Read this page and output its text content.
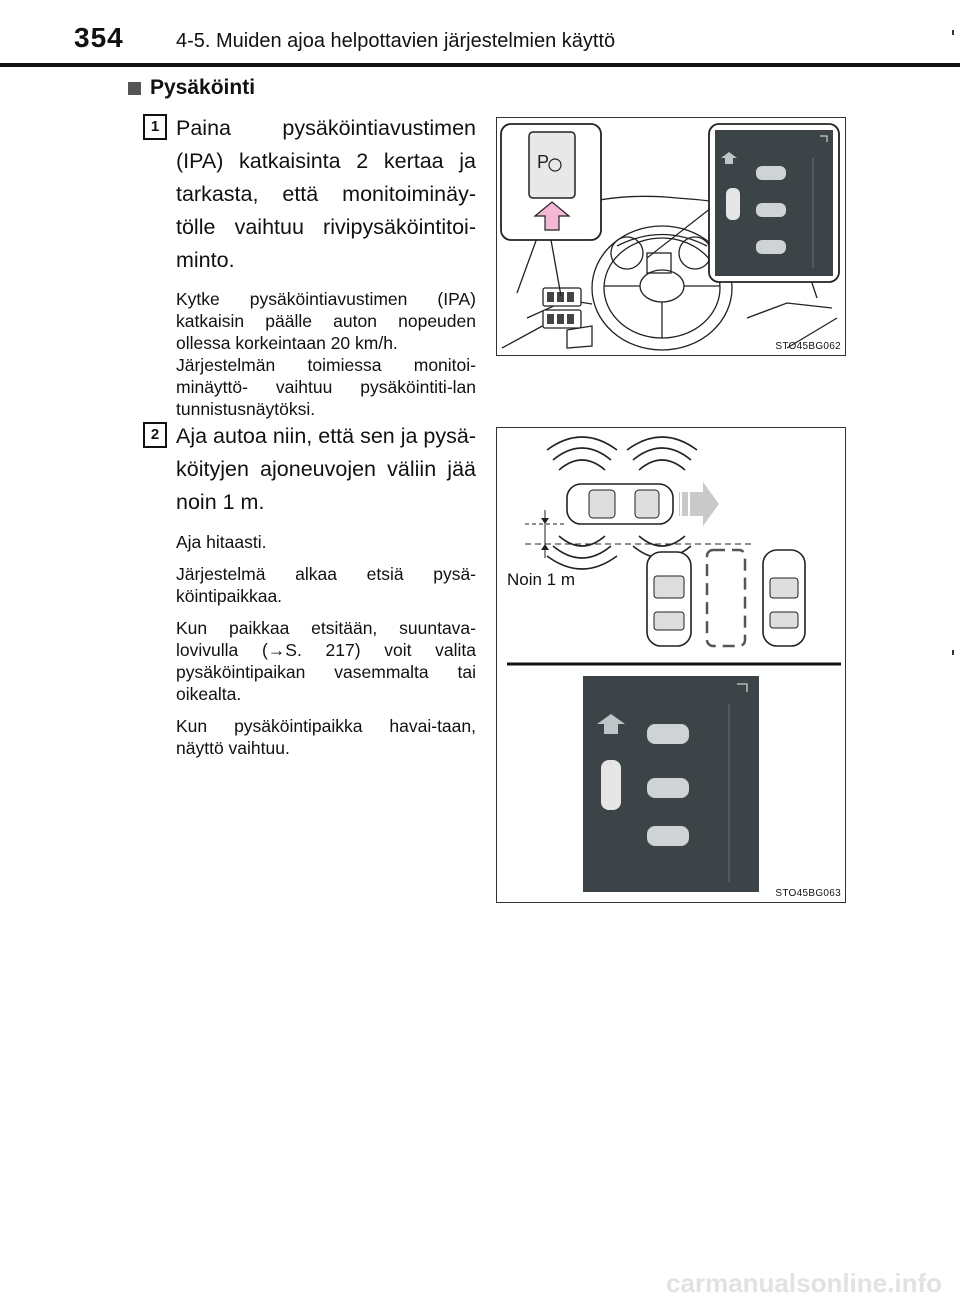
354	4-5. Muiden ajoa helpottavien järjestelmien käyttö
Pysäköinti
1 Paina pysäköintiavustimen (IPA) katkaisinta 2 kertaa ja tarkasta, että monitoiminäy-tölle vaihtuu rivipysäköintitoi-minto.

Kytke pysäköintiavustimen (IPA) katkaisin päälle auton nopeuden ollessa korkeintaan 20 km/h.

Järjestelmän toimiessa monitoi-minäyttö- vaihtuu pysäköintiti-lan tunnistusnäytöksi.

P
STO45BG062
2 Aja autoa niin, että sen ja pysä-köityjen ajoneuvojen väliin jää noin 1 m.

Aja hitaasti.

Järjestelmä alkaa etsiä pysä-köintipaikkaa.

Kun paikkaa etsitään, suuntava-lovivulla (→S. 217) voit valita pysäköintipaikan vasemmalta tai oikealta.

Kun pysäköintipaikka havai-taan, näyttö vaihtuu.

Noin 1 m
STO45BG063
carmanualsonline.info
